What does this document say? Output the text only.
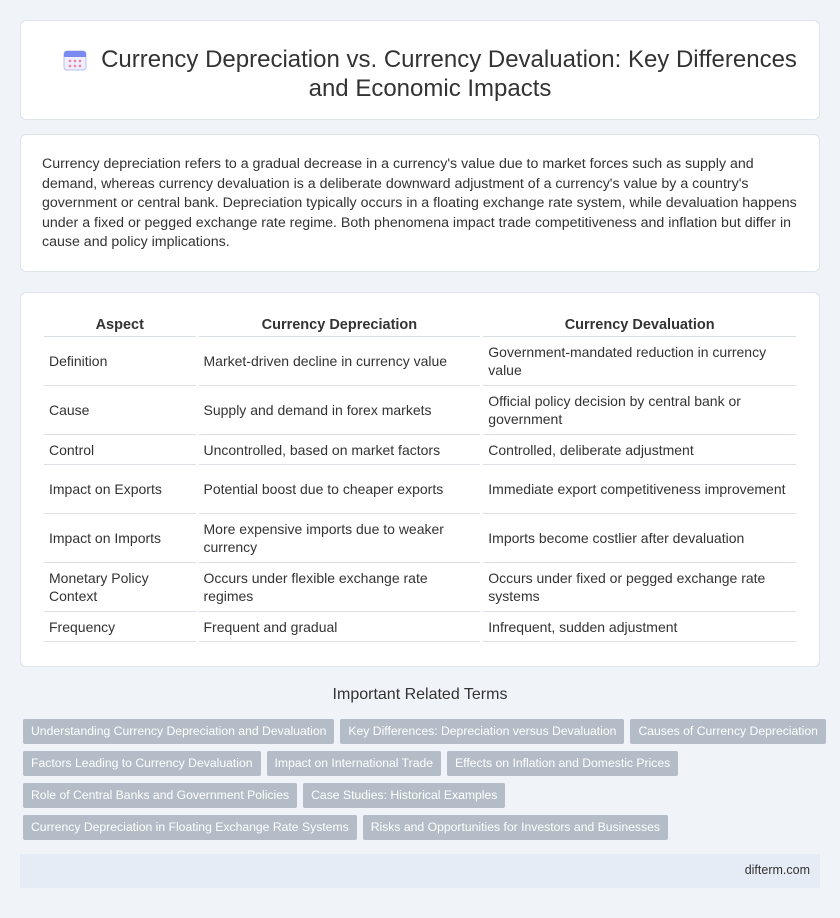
Currency Depreciation vs. Currency Devaluation: Key Differences and Economic Impacts

Currency depreciation refers to a gradual decrease in a currency's value due to market forces such as supply and demand, whereas currency devaluation is a deliberate downward adjustment of a currency's value by a country's government or central bank. Depreciation typically occurs in a floating exchange rate system, while devaluation happens under a fixed or pegged exchange rate regime. Both phenomena impact trade competitiveness and inflation but differ in cause and policy implications.

Aspect	Currency Depreciation	Currency Devaluation
Definition	Market-driven decline in currency value	Government-mandated reduction in currency value
Cause	Supply and demand in forex markets	Official policy decision by central bank or government
Control	Uncontrolled, based on market factors	Controlled, deliberate adjustment
Impact on Exports	Potential boost due to cheaper exports	Immediate export competitiveness improvement
Impact on Imports	More expensive imports due to weaker currency	Imports become costlier after devaluation
Monetary Policy Context	Occurs under flexible exchange rate regimes	Occurs under fixed or pegged exchange rate systems
Frequency	Frequent and gradual	Infrequent, sudden adjustment
Important Related Terms
Understanding Currency Depreciation and Devaluation Key Differences: Depreciation versus Devaluation Causes of Currency Depreciation
Factors Leading to Currency Devaluation Impact on International Trade Effects on Inflation and Domestic Prices
Role of Central Banks and Government Policies Case Studies: Historical Examples
Currency Depreciation in Floating Exchange Rate Systems Risks and Opportunities for Investors and Businesses
difterm.com
